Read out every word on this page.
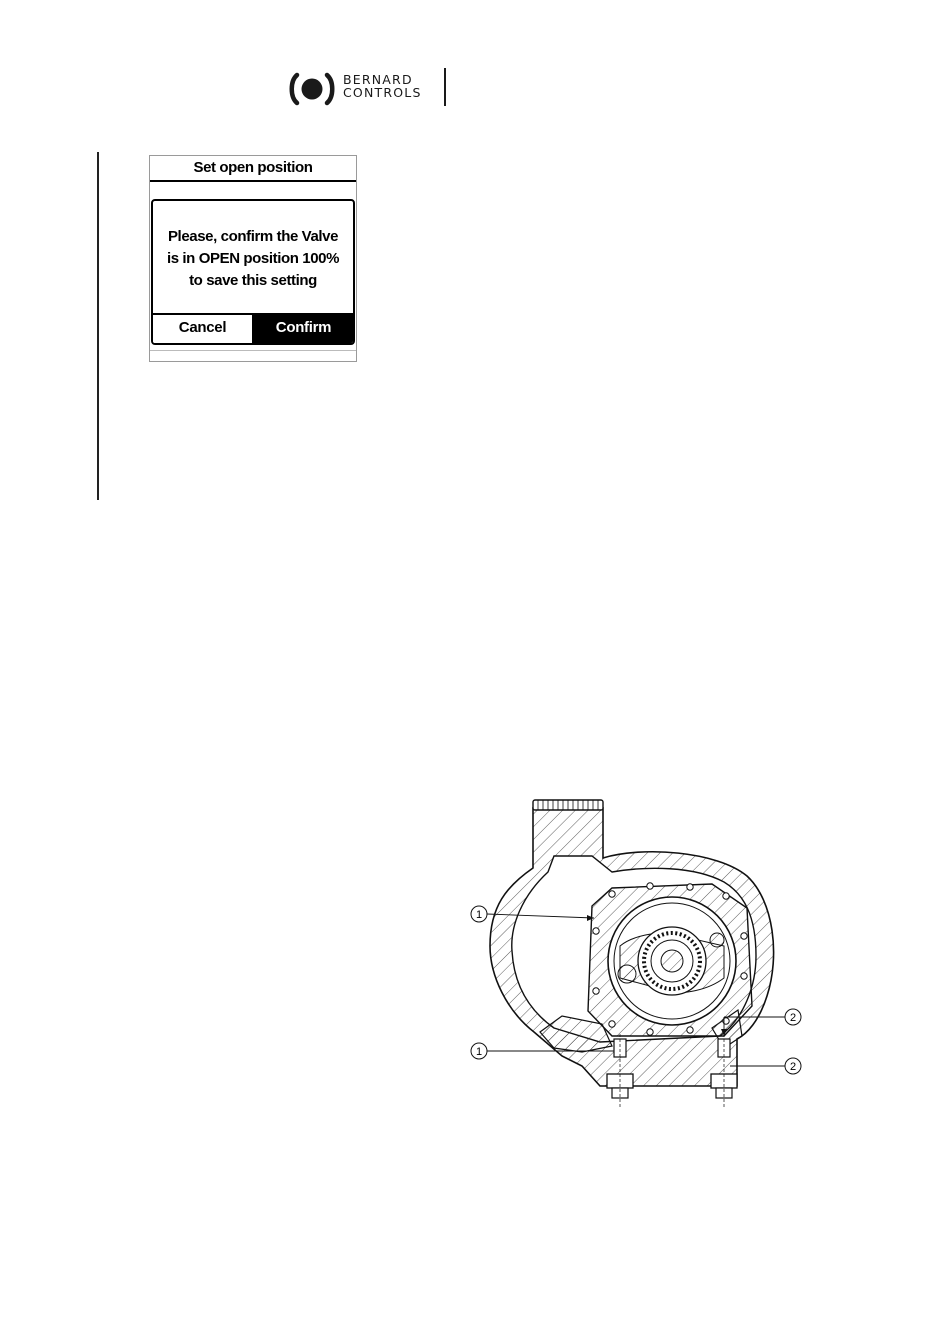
BERNARD
CONTROLS
Set open position
Please, confirm the Valve
is in OPEN position 100%
to save this setting
Cancel	Confirm
1
1
2
2
